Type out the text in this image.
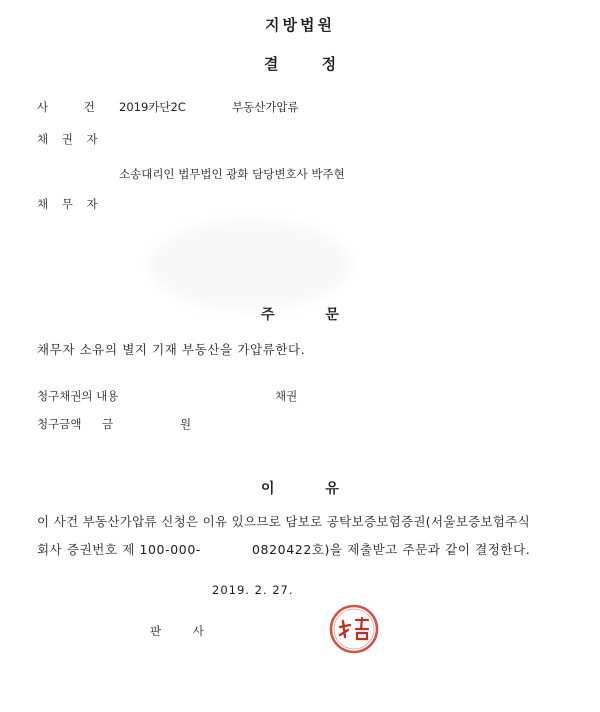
지방법원
결 정
사 건 2019카단2C	부동산가압류
채 권 자
소송대리인 법무법인 광화 담당변호사 박주현
채 무 자
주 문
채무자 소유의 별지 기재 부동산을 가압류한다.
청구채권의 내용	채권
청구금액 금	원
이 유
이 사건 부동산가압류 신청은 이유 있으므로 담보로 공탁보증보험증권(서울보증보험주식
회사 증권번호 제 100-000-	0820422호)을 제출받고 주문과 같이 결정한다.
2019. 2. 27.
판 사
